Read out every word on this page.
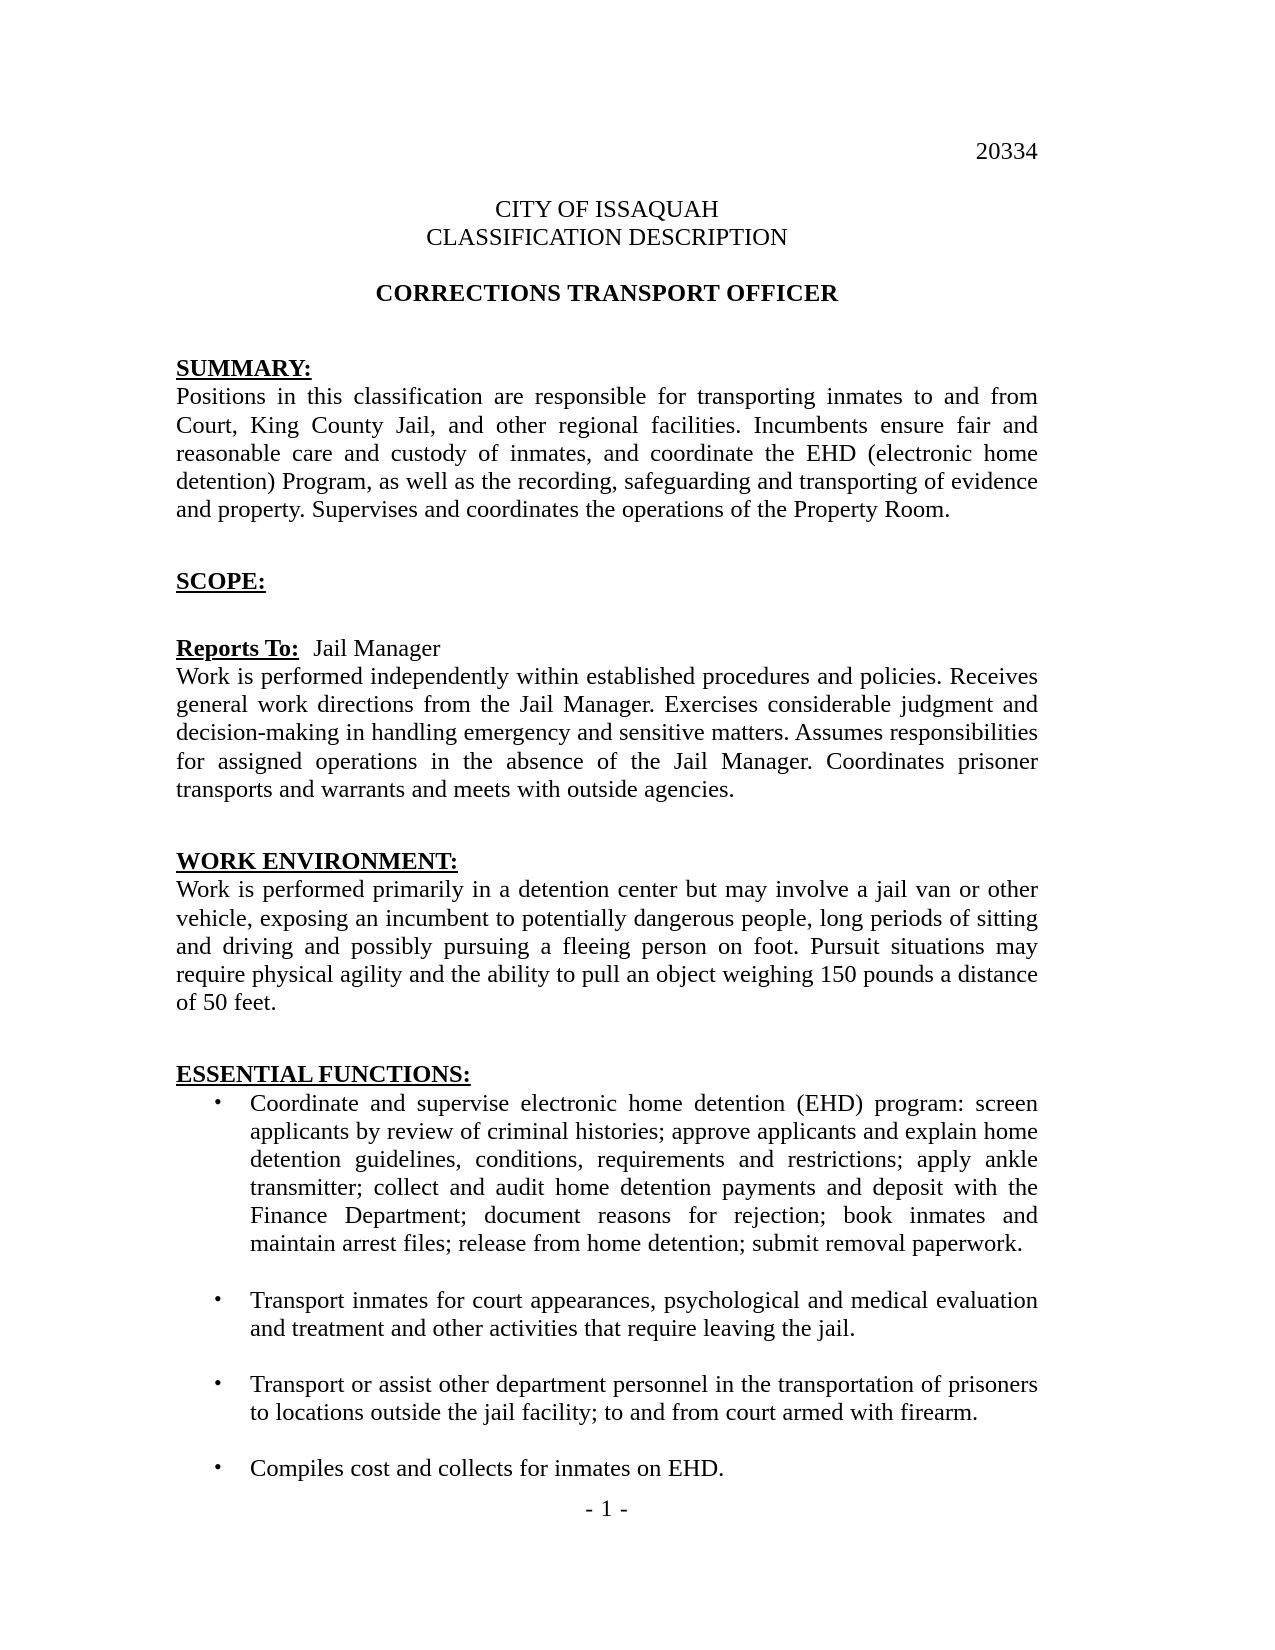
20334
CITY OF ISSAQUAH
CLASSIFICATION DESCRIPTION
CORRECTIONS TRANSPORT OFFICER
SUMMARY:

Positions in this classification are responsible for transporting inmates to and from Court, King County Jail, and other regional facilities. Incumbents ensure fair and reasonable care and custody of inmates, and coordinate the EHD (electronic home detention) Program, as well as the recording, safeguarding and transporting of evidence and property. Supervises and coordinates the operations of the Property Room.

SCOPE:
Reports To: Jail Manager

Work is performed independently within established procedures and policies. Receives general work directions from the Jail Manager. Exercises considerable judgment and decision-making in handling emergency and sensitive matters. Assumes responsibilities for assigned operations in the absence of the Jail Manager. Coordinates prisoner transports and warrants and meets with outside agencies.

WORK ENVIRONMENT:

Work is performed primarily in a detention center but may involve a jail van or other vehicle, exposing an incumbent to potentially dangerous people, long periods of sitting and driving and possibly pursuing a fleeing person on foot. Pursuit situations may require physical agility and the ability to pull an object weighing 150 pounds a distance of 50 feet.

ESSENTIAL FUNCTIONS:
• Coordinate and supervise electronic home detention (EHD) program: screen applicants by review of criminal histories; approve applicants and explain home detention guidelines, conditions, requirements and restrictions; apply ankle transmitter; collect and audit home detention payments and deposit with the Finance Department; document reasons for rejection; book inmates and maintain arrest files; release from home detention; submit removal paperwork.
• Transport inmates for court appearances, psychological and medical evaluation and treatment and other activities that require leaving the jail.
• Transport or assist other department personnel in the transportation of prisoners to locations outside the jail facility; to and from court armed with firearm.
• Compiles cost and collects for inmates on EHD.
- 1 -
